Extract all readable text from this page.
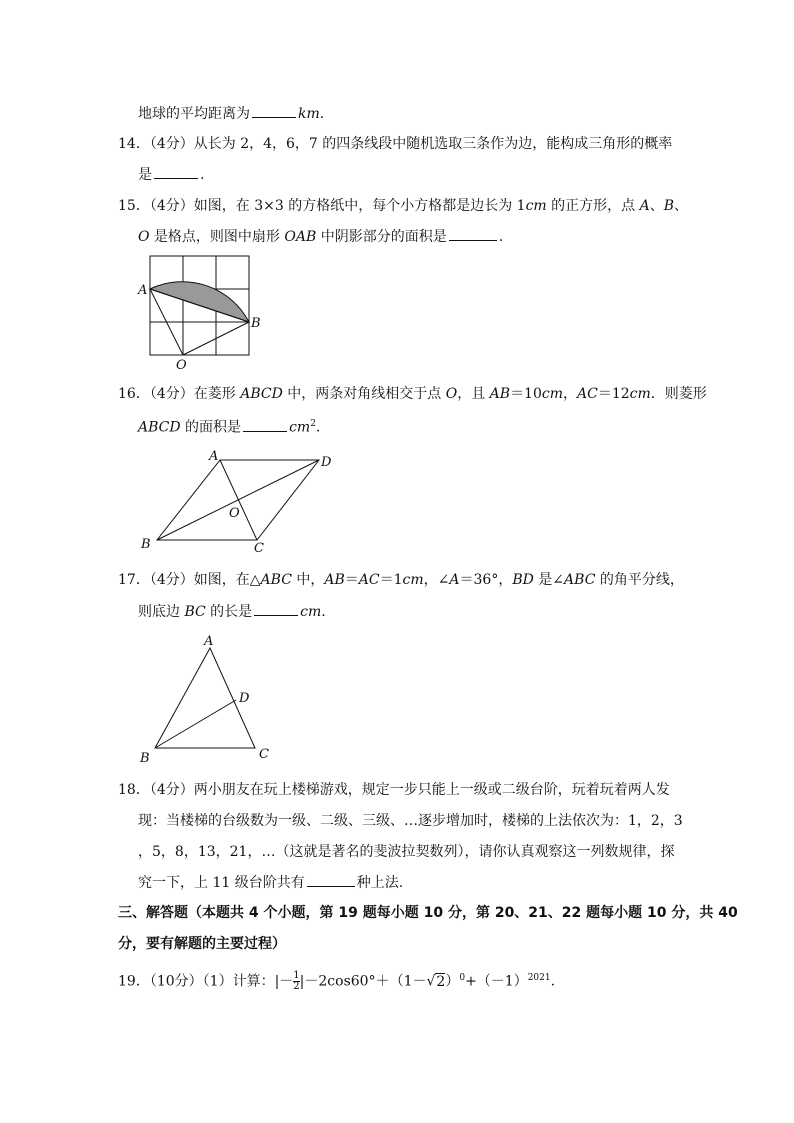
地球的平均距离为	km.
14．（4分）从长为 2，4，6，7 的四条线段中随机选取三条作为边，能构成三角形的概率
是	.
15．（4分）如图，在 3×3 的方格纸中，每个小方格都是边长为 1cm 的正方形，点 A、B、
O 是格点，则图中扇形 OAB 中阴影部分的面积是	.
A
B
O
16．（4分）在菱形 ABCD 中，两条对角线相交于点 O，且 AB＝10cm，AC＝12cm．则菱形
ABCD 的面积是	$cm^2$.
A	D
O
B	C
17．（4分）如图，在△ABC 中，AB＝AC＝1cm，∠A＝36°，BD 是∠ABC 的角平分线，
则底边 BC 的长是	cm.
A
D
B	C
18．（4分）两小朋友在玩上楼梯游戏，规定一步只能上一级或二级台阶，玩着玩着两人发
现：当楼梯的台级数为一级、二级、三级、…逐步增加时，楼梯的上法依次为：1，2，3
，5，8，13，21，…（这就是著名的斐波拉契数列），请你认真观察这一列数规律，探
究一下，上 11 级台阶共有	种上法.
三、解答题（本题共 4 个小题，第 19 题每小题 10 分，第 20、21、22 题每小题 10 分，共 40
分，要有解题的主要过程）
19．（10分）（1）计算：|－ $\frac{1}{2} |-2\cos 60^\circ+(1-√2)^0+(-1)^{2021}$.
